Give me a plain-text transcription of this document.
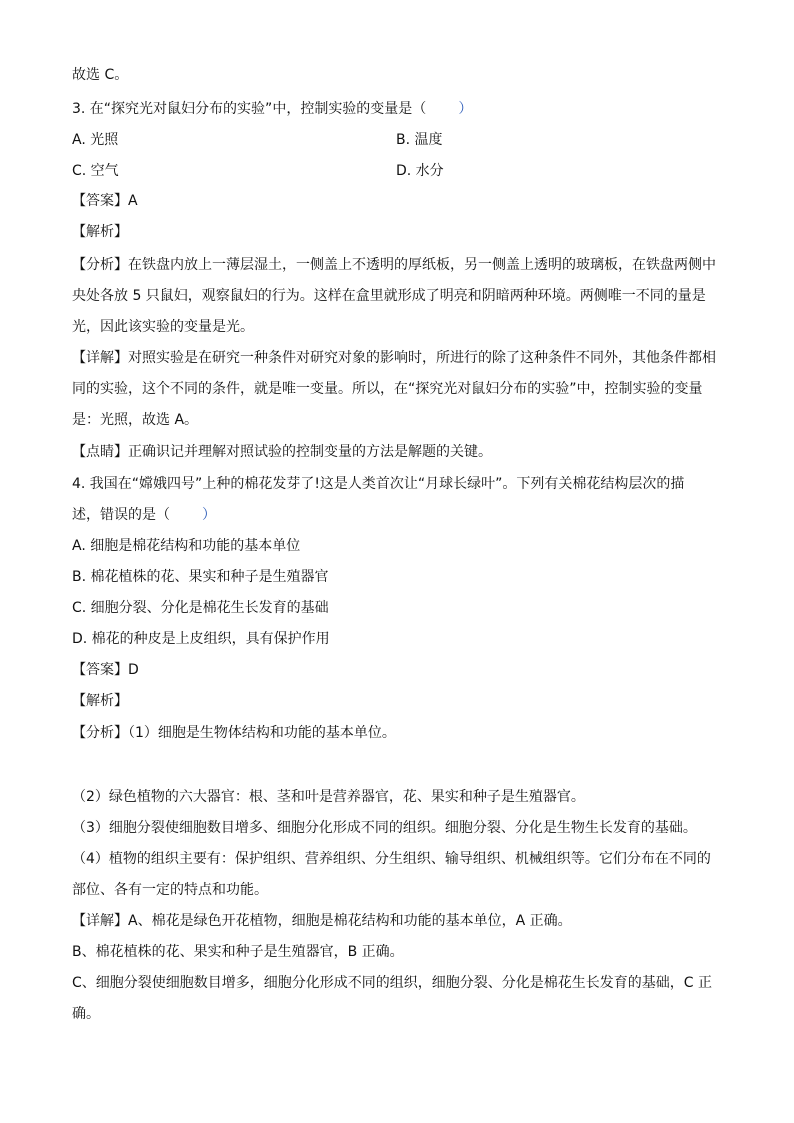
故选 C。
3. 在“探究光对鼠妇分布的实验”中，控制实验的变量是（ ）
A. 光照	B. 温度
C. 空气	D. 水分
【答案】A
【解析】
【分析】在铁盘内放上一薄层湿土，一侧盖上不透明的厚纸板，另一侧盖上透明的玻璃板，在铁盘两侧中
央处各放 5 只鼠妇，观察鼠妇的行为。这样在盒里就形成了明亮和阴暗两种环境。两侧唯一不同的量是
光，因此该实验的变量是光。
【详解】对照实验是在研究一种条件对研究对象的影响时，所进行的除了这种条件不同外，其他条件都相
同的实验，这个不同的条件，就是唯一变量。所以，在“探究光对鼠妇分布的实验”中，控制实验的变量
是：光照，故选 A。
【点睛】正确识记并理解对照试验的控制变量的方法是解题的关键。
4. 我国在“嫦娥四号”上种的棉花发芽了!这是人类首次让“月球长绿叶”。下列有关棉花结构层次的描
述，错误的是（ ）
A. 细胞是棉花结构和功能的基本单位
B. 棉花植株的花、果实和种子是生殖器官
C. 细胞分裂、分化是棉花生长发育的基础
D. 棉花的种皮是上皮组织，具有保护作用
【答案】D
【解析】
【分析】（1）细胞是生物体结构和功能的基本单位。
（2）绿色植物的六大器官：根、茎和叶是营养器官，花、果实和种子是生殖器官。
（3）细胞分裂使细胞数目增多、细胞分化形成不同的组织。细胞分裂、分化是生物生长发育的基础。
（4）植物的组织主要有：保护组织、营养组织、分生组织、输导组织、机械组织等。它们分布在不同的
部位、各有一定的特点和功能。
【详解】A、棉花是绿色开花植物，细胞是棉花结构和功能的基本单位，A 正确。
B、棉花植株的花、果实和种子是生殖器官，B 正确。
C、细胞分裂使细胞数目增多，细胞分化形成不同的组织，细胞分裂、分化是棉花生长发育的基础，C 正
确。
